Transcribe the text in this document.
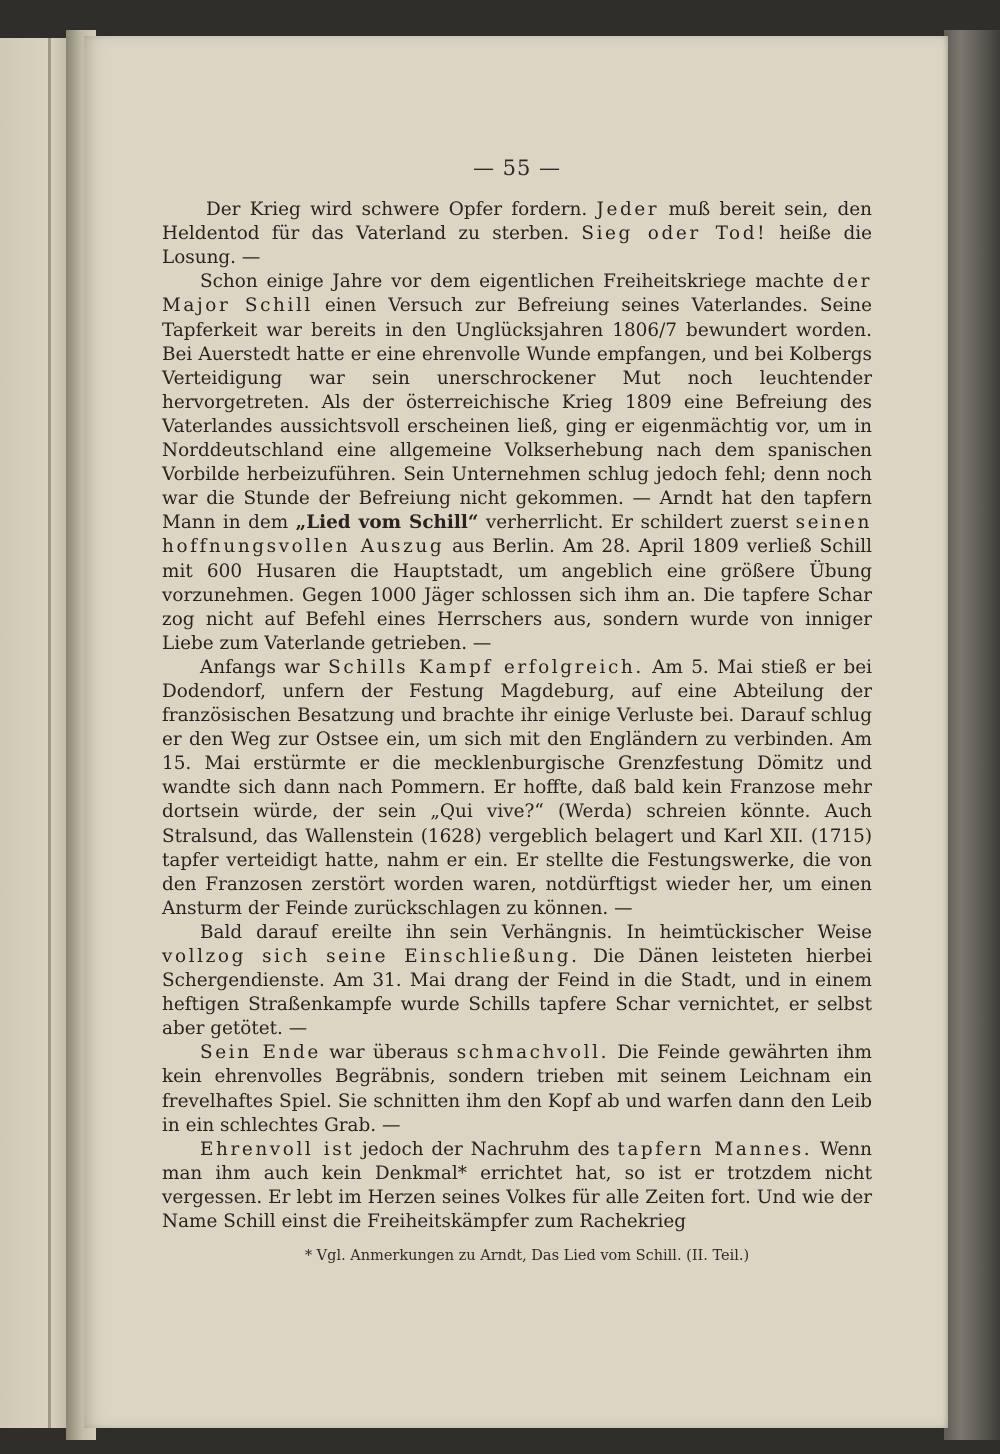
— 55 —

Der Krieg wird schwere Opfer fordern. Jeder muß bereit sein, den Heldentod für das Vaterland zu sterben. Sieg oder Tod! heiße die Losung. —

Schon einige Jahre vor dem eigentlichen Freiheitskriege machte der Major Schill einen Versuch zur Befreiung seines Vaterlandes. Seine Tapferkeit war bereits in den Unglücksjahren 1806/7 bewundert worden. Bei Auerstedt hatte er eine ehrenvolle Wunde empfangen, und bei Kolbergs Verteidigung war sein unerschrockener Mut noch leuchtender hervorgetreten. Als der österreichische Krieg 1809 eine Befreiung des Vaterlandes aussichtsvoll erscheinen ließ, ging er eigenmächtig vor, um in Norddeutschland eine allgemeine Volkserhebung nach dem spanischen Vorbilde herbeizuführen. Sein Unternehmen schlug jedoch fehl; denn noch war die Stunde der Befreiung nicht gekommen. — Arndt hat den tapfern Mann in dem „Lied vom Schill“ verherrlicht. Er schildert zuerst seinen hoffnungsvollen Auszug aus Berlin. Am 28. April 1809 verließ Schill mit 600 Husaren die Hauptstadt, um angeblich eine größere Übung vorzunehmen. Gegen 1000 Jäger schlossen sich ihm an. Die tapfere Schar zog nicht auf Befehl eines Herrschers aus, sondern wurde von inniger Liebe zum Vaterlande getrieben. —

Anfangs war Schills Kampf erfolgreich. Am 5. Mai stieß er bei Dodendorf, unfern der Festung Magdeburg, auf eine Abteilung der französischen Besatzung und brachte ihr einige Verluste bei. Darauf schlug er den Weg zur Ostsee ein, um sich mit den Engländern zu verbinden. Am 15. Mai erstürmte er die mecklenburgische Grenzfestung Dömitz und wandte sich dann nach Pommern. Er hoffte, daß bald kein Franzose mehr dortsein würde, der sein „Qui vive?“ (Werda) schreien könnte. Auch Stralsund, das Wallenstein (1628) vergeblich belagert und Karl XII. (1715) tapfer verteidigt hatte, nahm er ein. Er stellte die Festungswerke, die von den Franzosen zerstört worden waren, notdürftigst wieder her, um einen Ansturm der Feinde zurückschlagen zu können. —

Bald darauf ereilte ihn sein Verhängnis. In heimtückischer Weise vollzog sich seine Einschließung. Die Dänen leisteten hierbei Schergendienste. Am 31. Mai drang der Feind in die Stadt, und in einem heftigen Straßenkampfe wurde Schills tapfere Schar vernichtet, er selbst aber getötet. —

Sein Ende war überaus schmachvoll. Die Feinde gewährten ihm kein ehrenvolles Begräbnis, sondern trieben mit seinem Leichnam ein frevelhaftes Spiel. Sie schnitten ihm den Kopf ab und warfen dann den Leib in ein schlechtes Grab. —

Ehrenvoll ist jedoch der Nachruhm des tapfern Mannes. Wenn man ihm auch kein Denkmal* errichtet hat, so ist er trotzdem nicht vergessen. Er lebt im Herzen seines Volkes für alle Zeiten fort. Und wie der Name Schill einst die Freiheitskämpfer zum Rachekrieg

* Vgl. Anmerkungen zu Arndt, Das Lied vom Schill. (II. Teil.)
